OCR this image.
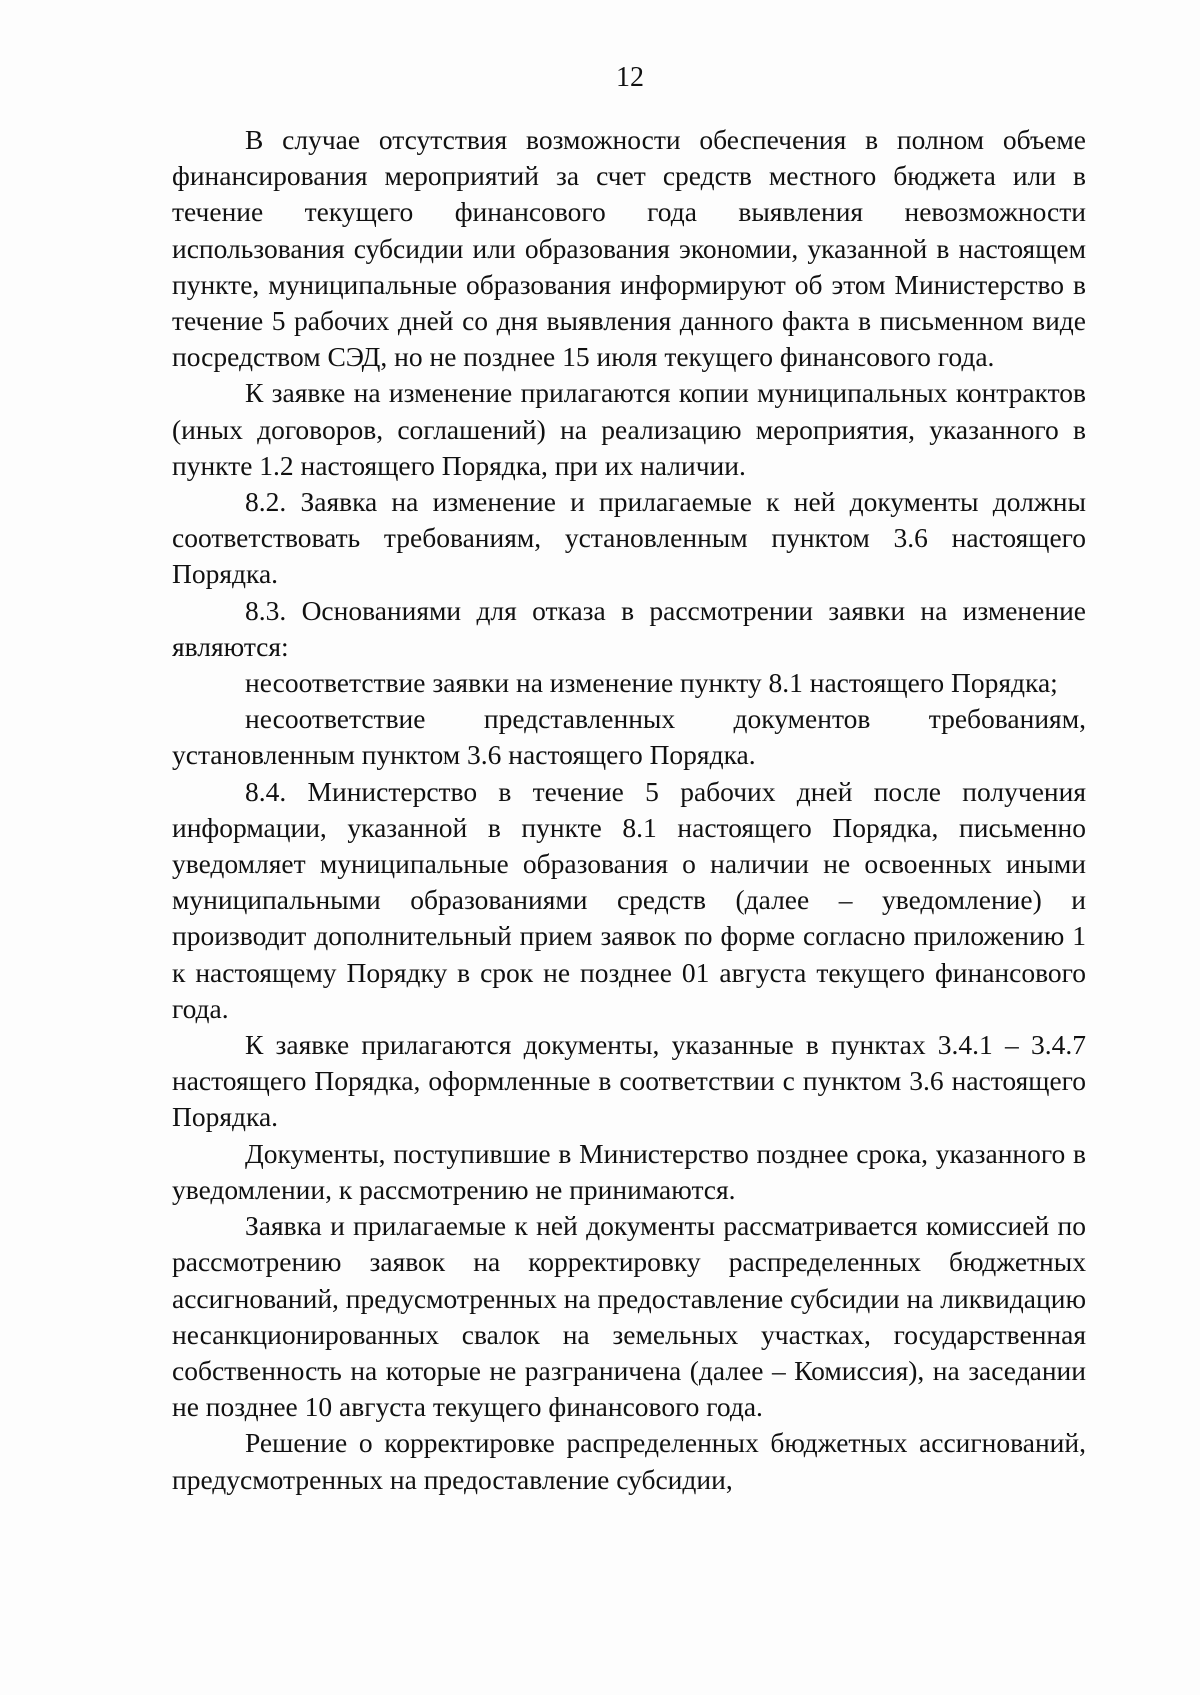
12

В случае отсутствия возможности обеспечения в полном объеме финансирования мероприятий за счет средств местного бюджета или в течение текущего финансового года выявления невозможности использования субсидии или образования экономии, указанной в настоящем пункте, муниципальные образования информируют об этом Министерство в течение 5 рабочих дней со дня выявления данного факта в письменном виде посредством СЭД, но не позднее 15 июля текущего финансового года.

К заявке на изменение прилагаются копии муниципальных контрактов (иных договоров, соглашений) на реализацию мероприятия, указанного в пункте 1.2 настоящего Порядка, при их наличии.

8.2. Заявка на изменение и прилагаемые к ней документы должны соответствовать требованиям, установленным пунктом 3.6 настоящего Порядка.

8.3. Основаниями для отказа в рассмотрении заявки на изменение являются:

несоответствие заявки на изменение пункту 8.1 настоящего Порядка;

несоответствие представленных документов требованиям, установленным пунктом 3.6 настоящего Порядка.

8.4. Министерство в течение 5 рабочих дней после получения информации, указанной в пункте 8.1 настоящего Порядка, письменно уведомляет муниципальные образования о наличии не освоенных иными муниципальными образованиями средств (далее – уведомление) и производит дополнительный прием заявок по форме согласно приложению 1 к настоящему Порядку в срок не позднее 01 августа текущего финансового года.

К заявке прилагаются документы, указанные в пунктах 3.4.1 – 3.4.7 настоящего Порядка, оформленные в соответствии с пунктом 3.6 настоящего Порядка.

Документы, поступившие в Министерство позднее срока, указанного в уведомлении, к рассмотрению не принимаются.

Заявка и прилагаемые к ней документы рассматривается комиссией по рассмотрению заявок на корректировку распределенных бюджетных ассигнований, предусмотренных на предоставление субсидии на ликвидацию несанкционированных свалок на земельных участках, государственная собственность на которые не разграничена (далее – Комиссия), на заседании не позднее 10 августа текущего финансового года.

Решение о корректировке распределенных бюджетных ассигнований, предусмотренных на предоставление субсидии,
